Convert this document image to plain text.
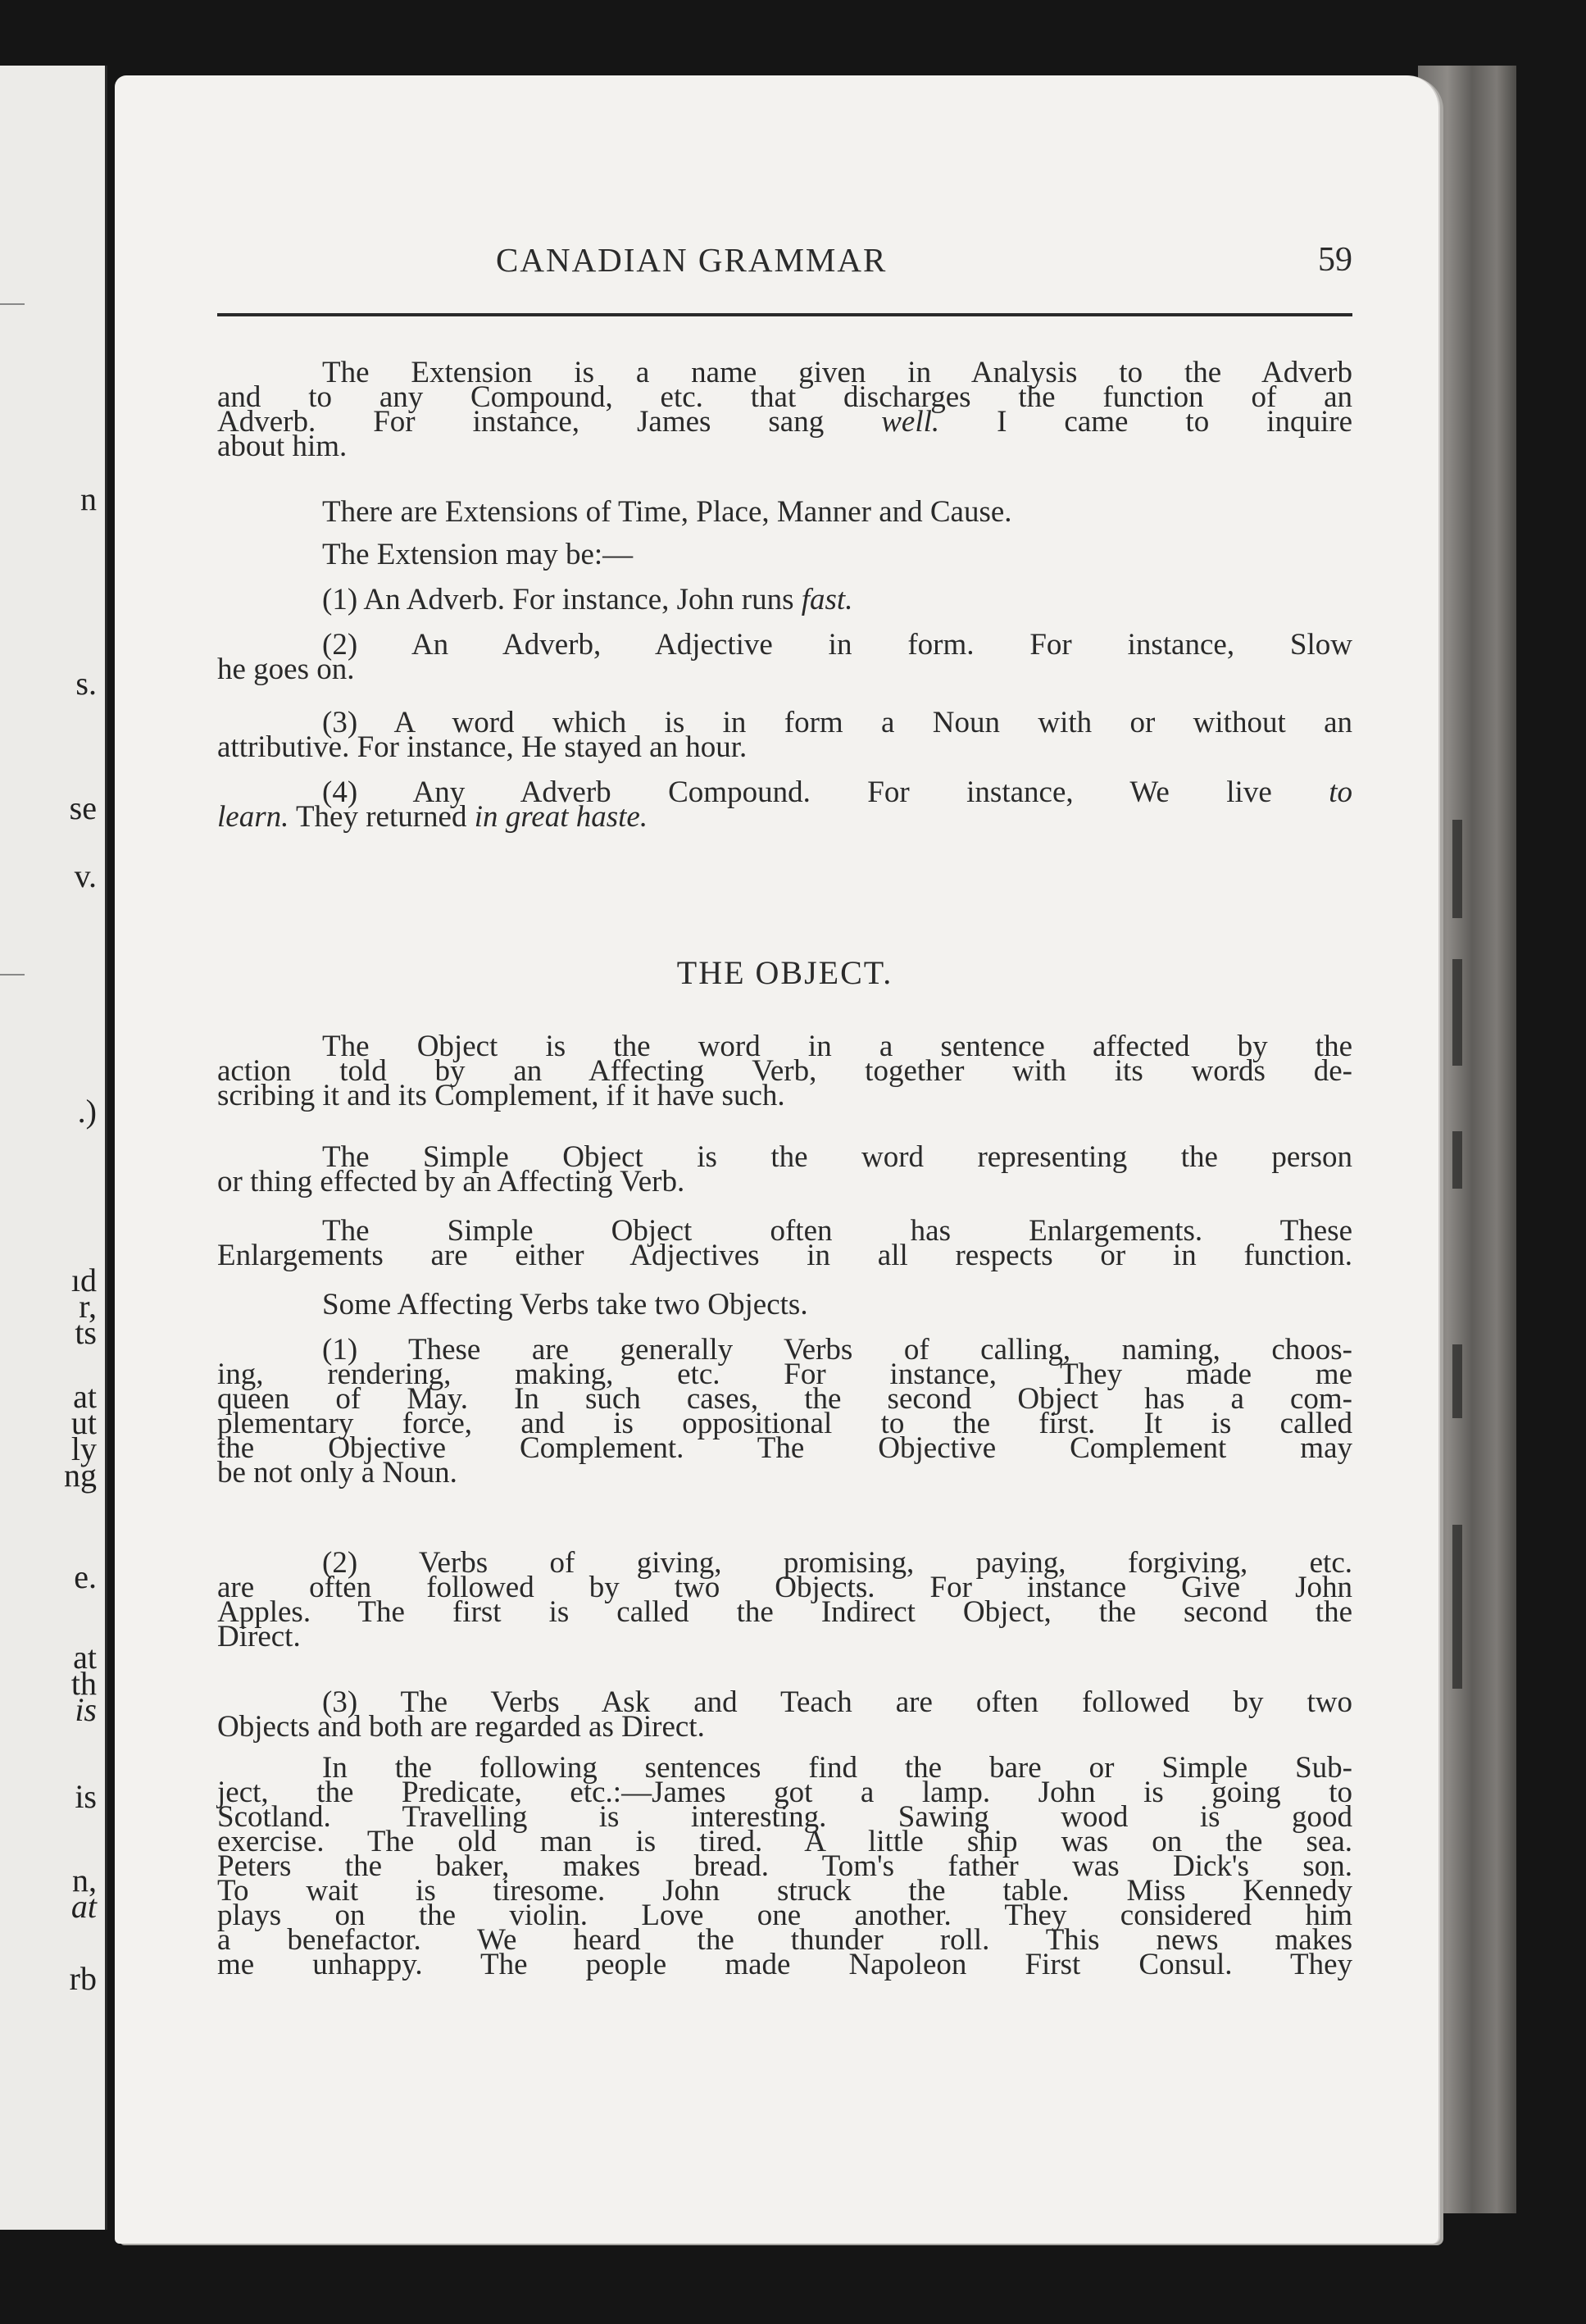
n
s.
se
v.
.)
ıd
r,
ts
at
ut
ly
ng
e.
at
th
is
is
n,
at
rb
CANADIAN GRAMMAR	59
The Extension is a name given in Analysis to the Adverb
and to any Compound, etc. that discharges the function of an
Adverb. For instance, James sang well. I came to inquire
about him.
There are Extensions of Time, Place, Manner and Cause.
The Extension may be:—
(1) An Adverb. For instance, John runs fast.
(2) An Adverb, Adjective in form. For instance, Slow
he goes on.
(3) A word which is in form a Noun with or without an
attributive. For instance, He stayed an hour.
(4) Any Adverb Compound. For instance, We live to
learn. They returned in great haste.
THE OBJECT.
The Object is the word in a sentence affected by the
action told by an Affecting Verb, together with its words de-
scribing it and its Complement, if it have such.
The Simple Object is the word representing the person
or thing effected by an Affecting Verb.
The Simple Object often has Enlargements. These
Enlargements are either Adjectives in all respects or in function.
Some Affecting Verbs take two Objects.
(1) These are generally Verbs of calling, naming, choos-
ing, rendering, making, etc. For instance, They made me
queen of May. In such cases, the second Object has a com-
plementary force, and is oppositional to the first. It is called
the Objective Complement. The Objective Complement may
be not only a Noun.
(2) Verbs of giving, promising, paying, forgiving, etc.
are often followed by two Objects. For instance Give John
Apples. The first is called the Indirect Object, the second the
Direct.
(3) The Verbs Ask and Teach are often followed by two
Objects and both are regarded as Direct.
In the following sentences find the bare or Simple Sub-
ject, the Predicate, etc.:—James got a lamp. John is going to
Scotland. Travelling is interesting. Sawing wood is good
exercise. The old man is tired. A little ship was on the sea.
Peters the baker, makes bread. Tom's father was Dick's son.
To wait is tiresome. John struck the table. Miss Kennedy
plays on the violin. Love one another. They considered him
a benefactor. We heard the thunder roll. This news makes
me unhappy. The people made Napoleon First Consul. They
